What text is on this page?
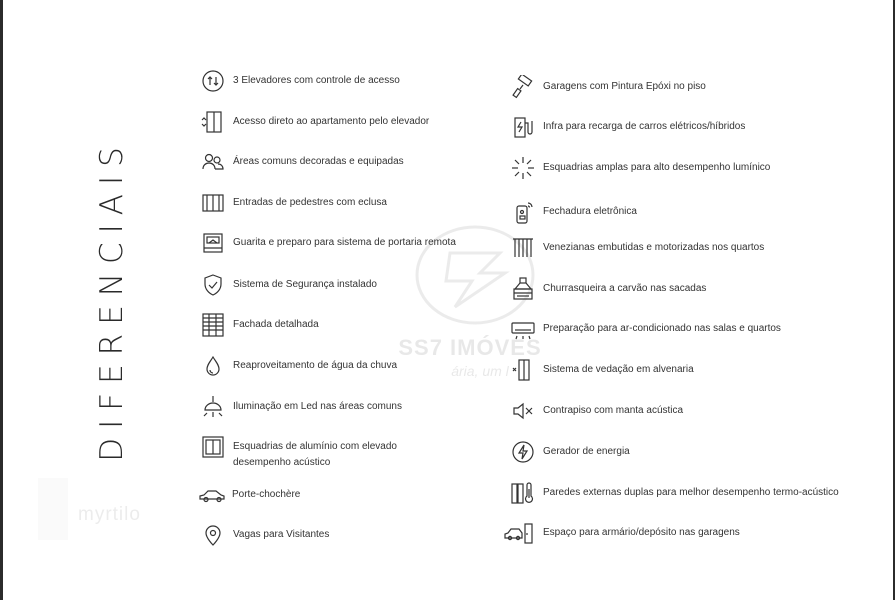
DIFERENCIAIS
myrtilo
SS7 IMÓVES
ária, um l
3 Elevadores com controle de acesso
Acesso direto ao apartamento pelo elevador
Áreas comuns decoradas e equipadas
Entradas de pedestres com eclusa
Guarita e preparo para sistema de portaria remota
Sistema de Segurança instalado
Fachada detalhada
Reaproveitamento de água da chuva
Iluminação em Led nas áreas comuns
Esquadrias de alumínio com elevado
desempenho acústico
Porte-chochère
Vagas para Visitantes
Garagens com Pintura Epóxi no piso
Infra para recarga de carros elétricos/híbridos
Esquadrias amplas para alto desempenho lumínico
Fechadura eletrônica
Venezianas embutidas e motorizadas nos quartos
Churrasqueira a carvão nas sacadas
Preparação para ar-condicionado nas salas e quartos
Sistema de vedação em alvenaria
Contrapiso com manta acústica
Gerador de energia
Paredes externas duplas para melhor desempenho termo-acústico
Espaço para armário/depósito nas garagens
